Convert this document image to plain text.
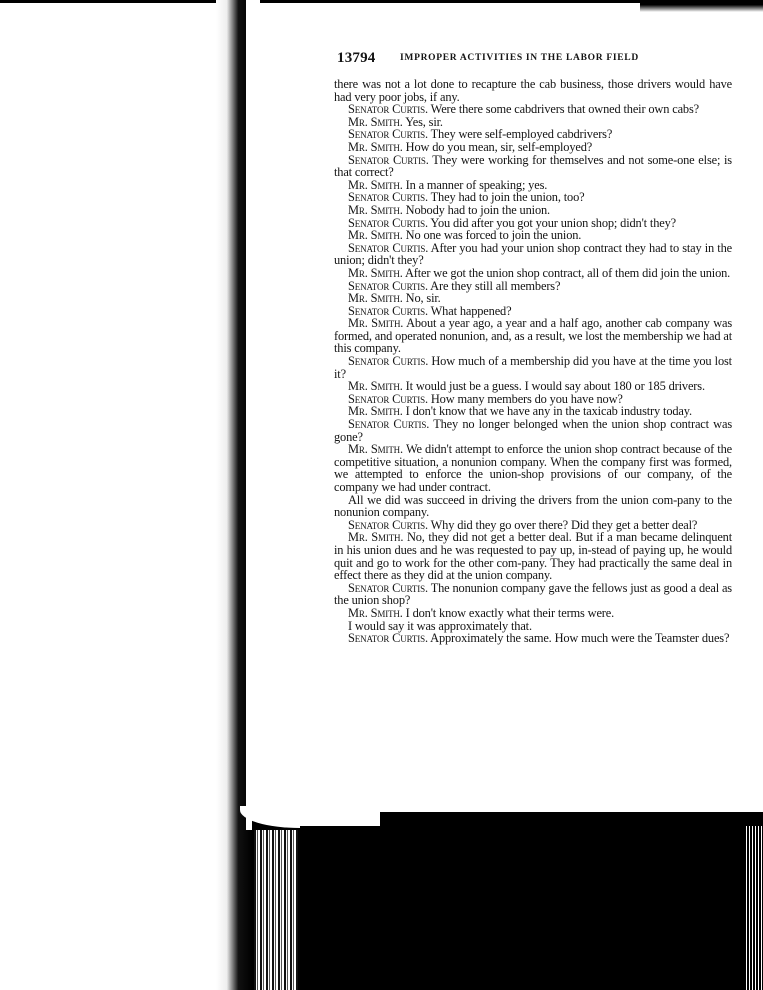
13794	IMPROPER ACTIVITIES IN THE LABOR FIELD

there was not a lot done to recapture the cab business, those drivers would have had very poor jobs, if any.

Senator Curtis. Were there some cabdrivers that owned their own cabs?

Mr. Smith. Yes, sir.

Senator Curtis. They were self-employed cabdrivers?

Mr. Smith. How do you mean, sir, self-employed?

Senator Curtis. They were working for themselves and not some-one else; is that correct?

Mr. Smith. In a manner of speaking; yes.

Senator Curtis. They had to join the union, too?

Mr. Smith. Nobody had to join the union.

Senator Curtis. You did after you got your union shop; didn't they?

Mr. Smith. No one was forced to join the union.

Senator Curtis. After you had your union shop contract they had to stay in the union; didn't they?

Mr. Smith. After we got the union shop contract, all of them did join the union.

Senator Curtis. Are they still all members?

Mr. Smith. No, sir.

Senator Curtis. What happened?

Mr. Smith. About a year ago, a year and a half ago, another cab company was formed, and operated nonunion, and, as a result, we lost the membership we had at this company.

Senator Curtis. How much of a membership did you have at the time you lost it?

Mr. Smith. It would just be a guess. I would say about 180 or 185 drivers.

Senator Curtis. How many members do you have now?

Mr. Smith. I don't know that we have any in the taxicab industry today.

Senator Curtis. They no longer belonged when the union shop contract was gone?

Mr. Smith. We didn't attempt to enforce the union shop contract because of the competitive situation, a nonunion company. When the company first was formed, we attempted to enforce the union-shop provisions of our company, of the company we had under contract.

All we did was succeed in driving the drivers from the union com-pany to the nonunion company.

Senator Curtis. Why did they go over there? Did they get a better deal?

Mr. Smith. No, they did not get a better deal. But if a man became delinquent in his union dues and he was requested to pay up, in-stead of paying up, he would quit and go to work for the other com-pany. They had practically the same deal in effect there as they did at the union company.

Senator Curtis. The nonunion company gave the fellows just as good a deal as the union shop?

Mr. Smith. I don't know exactly what their terms were.

I would say it was approximately that.

Senator Curtis. Approximately the same. How much were the Teamster dues?
